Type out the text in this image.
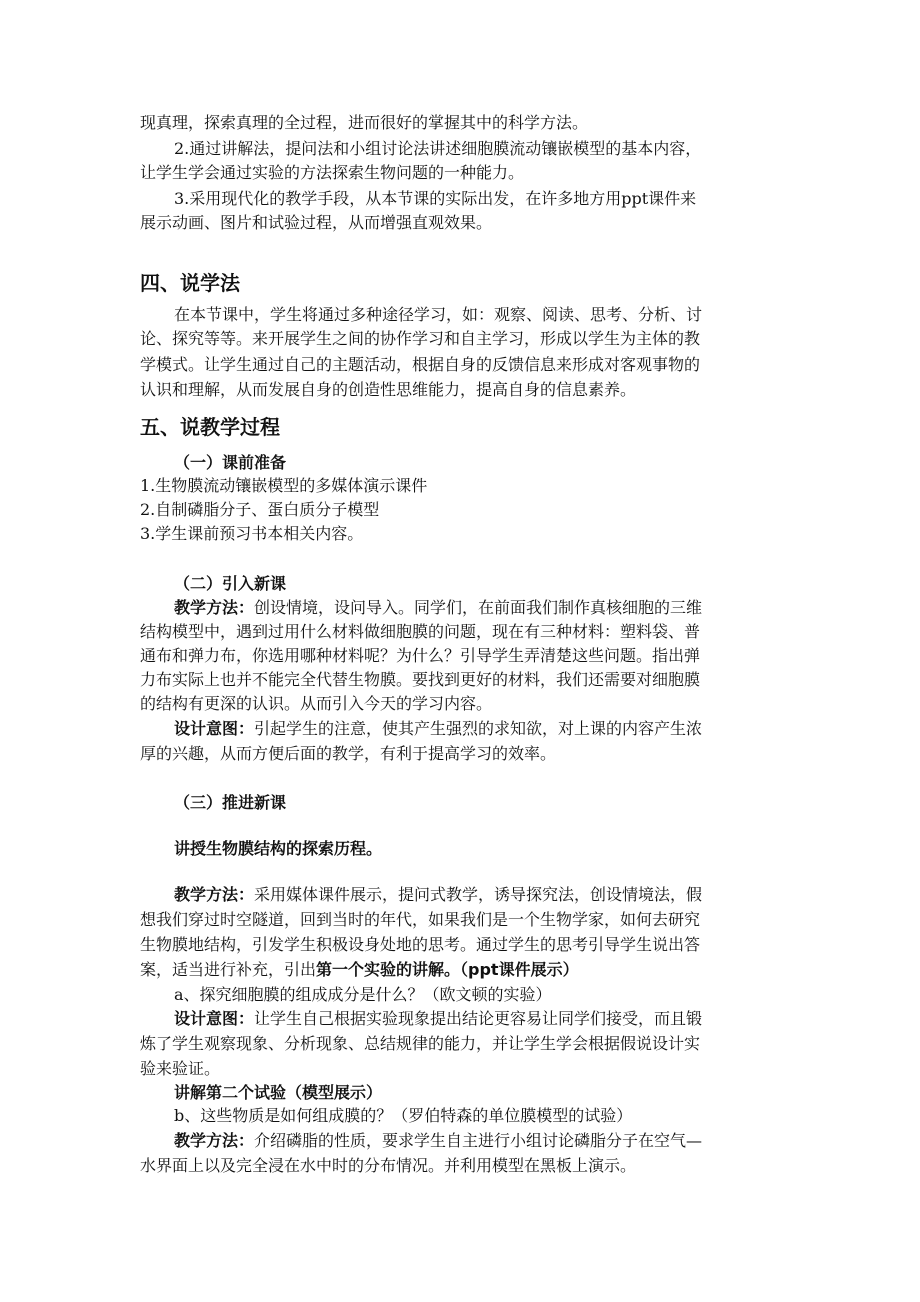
现真理，探索真理的全过程，进而很好的掌握其中的科学方法。

2.通过讲解法，提问法和小组讨论法讲述细胞膜流动镶嵌模型的基本内容，

让学生学会通过实验的方法探索生物问题的一种能力。

3.采用现代化的教学手段，从本节课的实际出发，在许多地方用ppt课件来

展示动画、图片和试验过程，从而增强直观效果。

四、说学法

在本节课中，学生将通过多种途径学习，如：观察、阅读、思考、分析、讨

论、探究等等。来开展学生之间的协作学习和自主学习，形成以学生为主体的教

学模式。让学生通过自己的主题活动，根据自身的反馈信息来形成对客观事物的

认识和理解，从而发展自身的创造性思维能力，提高自身的信息素养。

五、说教学过程
（一）课前准备

1.生物膜流动镶嵌模型的多媒体演示课件

2.自制磷脂分子、蛋白质分子模型

3.学生课前预习书本相关内容。

（二）引入新课

教学方法：创设情境，设问导入。同学们，在前面我们制作真核细胞的三维

结构模型中，遇到过用什么材料做细胞膜的问题，现在有三种材料：塑料袋、普

通布和弹力布，你选用哪种材料呢？为什么？引导学生弄清楚这些问题。指出弹

力布实际上也并不能完全代替生物膜。要找到更好的材料，我们还需要对细胞膜

的结构有更深的认识。从而引入今天的学习内容。

设计意图：引起学生的注意，使其产生强烈的求知欲，对上课的内容产生浓

厚的兴趣，从而方便后面的教学，有利于提高学习的效率。

（三）推进新课
讲授生物膜结构的探索历程。

教学方法：采用媒体课件展示，提问式教学，诱导探究法，创设情境法，假

想我们穿过时空隧道，回到当时的年代，如果我们是一个生物学家，如何去研究

生物膜地结构，引发学生积极设身处地的思考。通过学生的思考引导学生说出答

案，适当进行补充，引出第一个实验的讲解。（ppt课件展示）

a、探究细胞膜的组成成分是什么？（欧文顿的实验）

设计意图：让学生自己根据实验现象提出结论更容易让同学们接受，而且锻

炼了学生观察现象、分析现象、总结规律的能力，并让学生学会根据假说设计实

验来验证。

讲解第二个试验（模型展示）

b、这些物质是如何组成膜的？（罗伯特森的单位膜模型的试验）

教学方法：介绍磷脂的性质，要求学生自主进行小组讨论磷脂分子在空气—

水界面上以及完全浸在水中时的分布情况。并利用模型在黑板上演示。
